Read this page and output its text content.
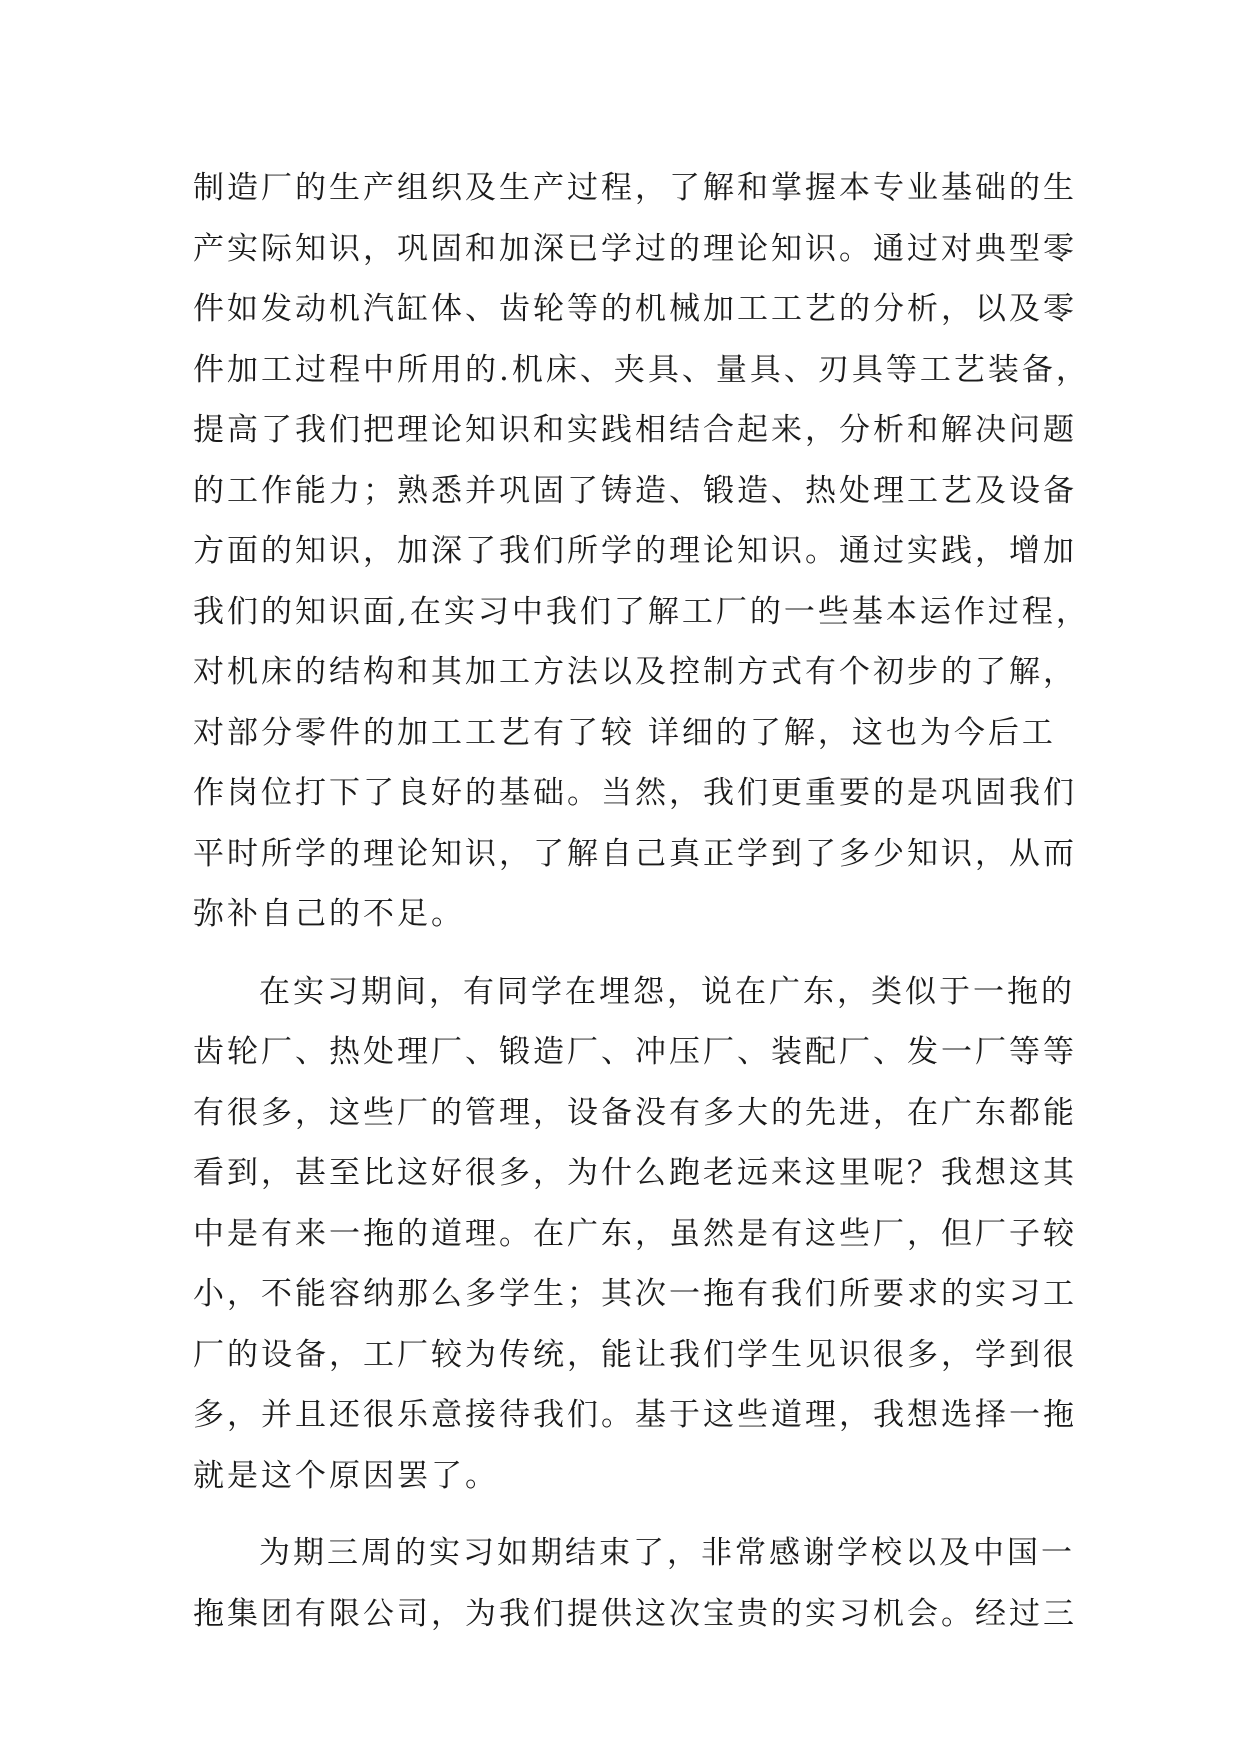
制造厂的生产组织及生产过程，了解和掌握本专业基础的生
产实际知识，巩固和加深已学过的理论知识。通过对典型零
件如发动机汽缸体、齿轮等的机械加工工艺的分析，以及零
件加工过程中所用的.机床、夹具、量具、刃具等工艺装备，
提高了我们把理论知识和实践相结合起来，分析和解决问题
的工作能力；熟悉并巩固了铸造、锻造、热处理工艺及设备
方面的知识，加深了我们所学的理论知识。通过实践，增加
我们的知识面,在实习中我们了解工厂的一些基本运作过程，
对机床的结构和其加工方法以及控制方式有个初步的了解，
对部分零件的加工工艺有了较 详细的了解，这也为今后工
作岗位打下了良好的基础。当然，我们更重要的是巩固我们
平时所学的理论知识，了解自己真正学到了多少知识，从而
弥补自己的不足。
在实习期间，有同学在埋怨，说在广东，类似于一拖的
齿轮厂、热处理厂、锻造厂、冲压厂、装配厂、发一厂等等
有很多，这些厂的管理，设备没有多大的先进，在广东都能
看到，甚至比这好很多，为什么跑老远来这里呢？我想这其
中是有来一拖的道理。在广东，虽然是有这些厂，但厂子较
小，不能容纳那么多学生；其次一拖有我们所要求的实习工
厂的设备，工厂较为传统，能让我们学生见识很多，学到很
多，并且还很乐意接待我们。基于这些道理，我想选择一拖
就是这个原因罢了。
为期三周的实习如期结束了，非常感谢学校以及中国一
拖集团有限公司，为我们提供这次宝贵的实习机会。经过三
